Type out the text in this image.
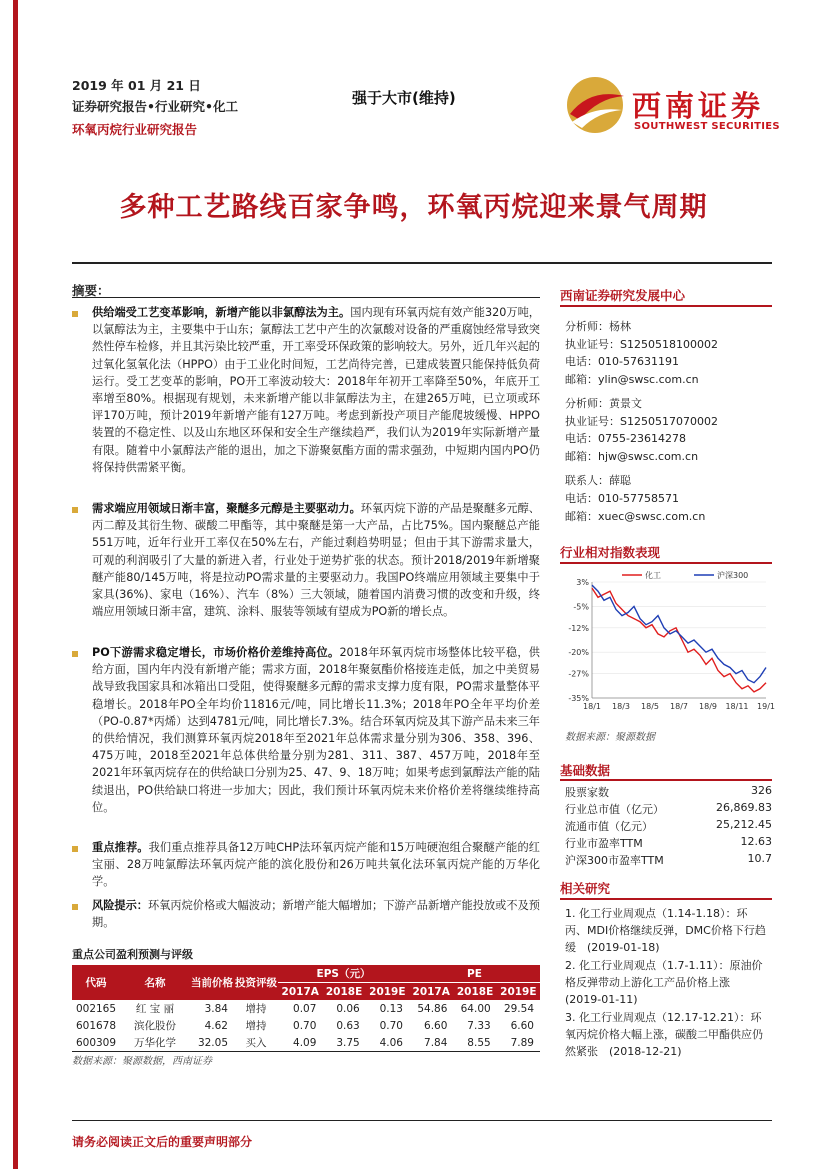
2019 年 01 月 21 日
证券研究报告•行业研究•化工
环氧丙烷行业研究报告
强于大市(维持)	西南证券
SOUTHWEST SECURITIES
多种工艺路线百家争鸣，环氧丙烷迎来景气周期
摘要：
供给端受工艺变革影响，新增产能以非氯醇法为主。国内现有环氧丙烷有效产能320万吨，以氯醇法为主，主要集中于山东；氯醇法工艺中产生的次氯酸对设备的严重腐蚀经常导致突然性停车检修，并且其污染比较严重，开工率受环保政策的影响较大。另外，近几年兴起的过氧化氢氧化法（HPPO）由于工业化时间短，工艺尚待完善，已建成装置只能保持低负荷运行。受工艺变革的影响，PO开工率波动较大：2018年年初开工率降至50%，年底开工率增至80%。根据现有规划，未来新增产能以非氯醇法为主，在建265万吨，已立项或环评170万吨，预计2019年新增产能有127万吨。考虑到新投产项目产能爬坡缓慢、HPPO装置的不稳定性、以及山东地区环保和安全生产继续趋严，我们认为2019年实际新增产量有限。随着中小氯醇法产能的退出，加之下游聚氨酯方面的需求强劲，中短期内国内PO仍将保持供需紧平衡。
需求端应用领域日渐丰富，聚醚多元醇是主要驱动力。环氧丙烷下游的产品是聚醚多元醇、丙二醇及其衍生物、碳酸二甲酯等，其中聚醚是第一大产品，占比75%。国内聚醚总产能551万吨，近年行业开工率仅在50%左右，产能过剩趋势明显；但由于其下游需求量大，可观的利润吸引了大量的新进入者，行业处于逆势扩张的状态。预计2018/2019年新增聚醚产能80/145万吨，将是拉动PO需求量的主要驱动力。我国PO终端应用领域主要集中于家具(36%)、家电（16%）、汽车（8%）三大领域，随着国内消费习惯的改变和升级，终端应用领域日渐丰富，建筑、涂料、服装等领域有望成为PO新的增长点。
PO下游需求稳定增长，市场价格价差维持高位。2018年环氧丙烷市场整体比较平稳，供给方面，国内年内没有新增产能；需求方面，2018年聚氨酯价格接连走低，加之中美贸易战导致我国家具和冰箱出口受阻，使得聚醚多元醇的需求支撑力度有限，PO需求量整体平稳增长。2018年PO全年均价11816元/吨，同比增长11.3%；2018年PO全年平均价差（PO-0.87*丙烯）达到4781元/吨，同比增长7.3%。结合环氧丙烷及其下游产品未来三年的供给情况，我们测算环氧丙烷2018年至2021年总体需求量分别为306、358、396、475万吨，2018至2021年总体供给量分别为281、311、387、457万吨，2018年至2021年环氧丙烷存在的供给缺口分别为25、47、9、18万吨；如果考虑到氯醇法产能的陆续退出，PO供给缺口将进一步加大；因此，我们预计环氧丙烷未来价格价差将继续维持高位。
重点推荐。我们重点推荐具备12万吨CHP法环氧丙烷产能和15万吨硬泡组合聚醚产能的红宝丽、28万吨氯醇法环氧丙烷产能的滨化股份和26万吨共氧化法环氧丙烷产能的万华化学。
风险提示：环氧丙烷价格或大幅波动；新增产能大幅增加；下游产品新增产能投放或不及预期。
重点公司盈利预测与评级
代码	名称	当前价格	投资评级	EPS（元）			PE		
				2017A	2018E	2019E	2017A	2018E	2019E
002165	红 宝 丽	3.84	增持	0.07	0.06	0.13	54.86	64.00	29.54
601678	滨化股份	4.62	增持	0.70	0.63	0.70	6.60	7.33	6.60
600309	万华化学	32.05	买入	4.09	3.75	4.06	7.84	8.55	7.89
数据来源：聚源数据，西南证券
请务必阅读正文后的重要声明部分
西南证券研究发展中心
分析师：杨林
执业证号：S1250518100002
电话：010-57631191
邮箱：ylin@swsc.com.cn
分析师：黄景文
执业证号：S1250517070002
电话：0755-23614278
邮箱：hjw@swsc.com.cn
联系人：薛聪
电话：010-57758571
邮箱：xuec@swsc.com.cn
行业相对指数表现
3%
-5%
-12%
-20%
-27%
-35%
18/1 18/3 18/5 18/7 18/9 18/11 19/1
化工	沪深300
数据来源：聚源数据
基础数据
股票家数	326
行业总市值（亿元）	26,869.83
流通市值（亿元）	25,212.45
行业市盈率TTM	12.63
沪深300市盈率TTM	10.7
相关研究
1. 化工行业周观点（1.14-1.18）：环丙、MDI价格继续反弹，DMC价格下行趋缓　(2019-01-18)
2. 化工行业周观点（1.7-1.11）：原油价格反弹带动上游化工产品价格上涨　(2019-01-11)
3. 化工行业周观点（12.17-12.21）：环氧丙烷价格大幅上涨，碳酸二甲酯供应仍然紧张　(2018-12-21)
